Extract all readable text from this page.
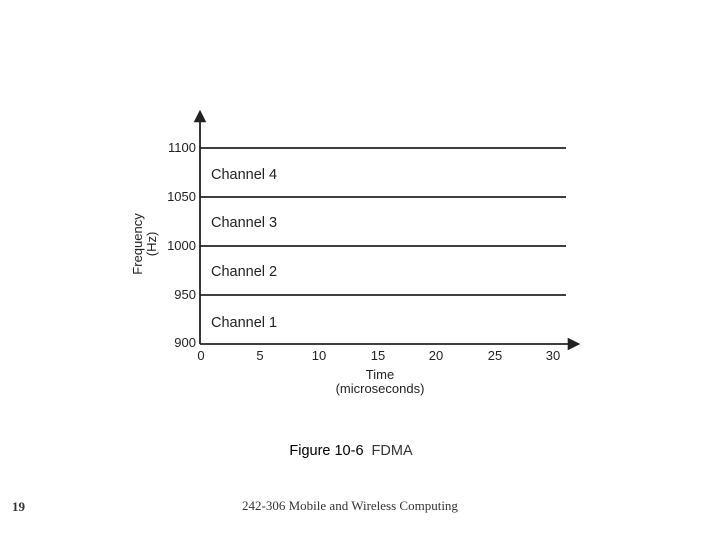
Channel 1
Channel 2
Channel 3
Channel 4
900
950
1000
1050
1100
0	5	10	15	20	25	30
Time
(microseconds)
Frequency (Hz)
Figure 10-6 FDMA
19	242-306 Mobile and Wireless Computing
